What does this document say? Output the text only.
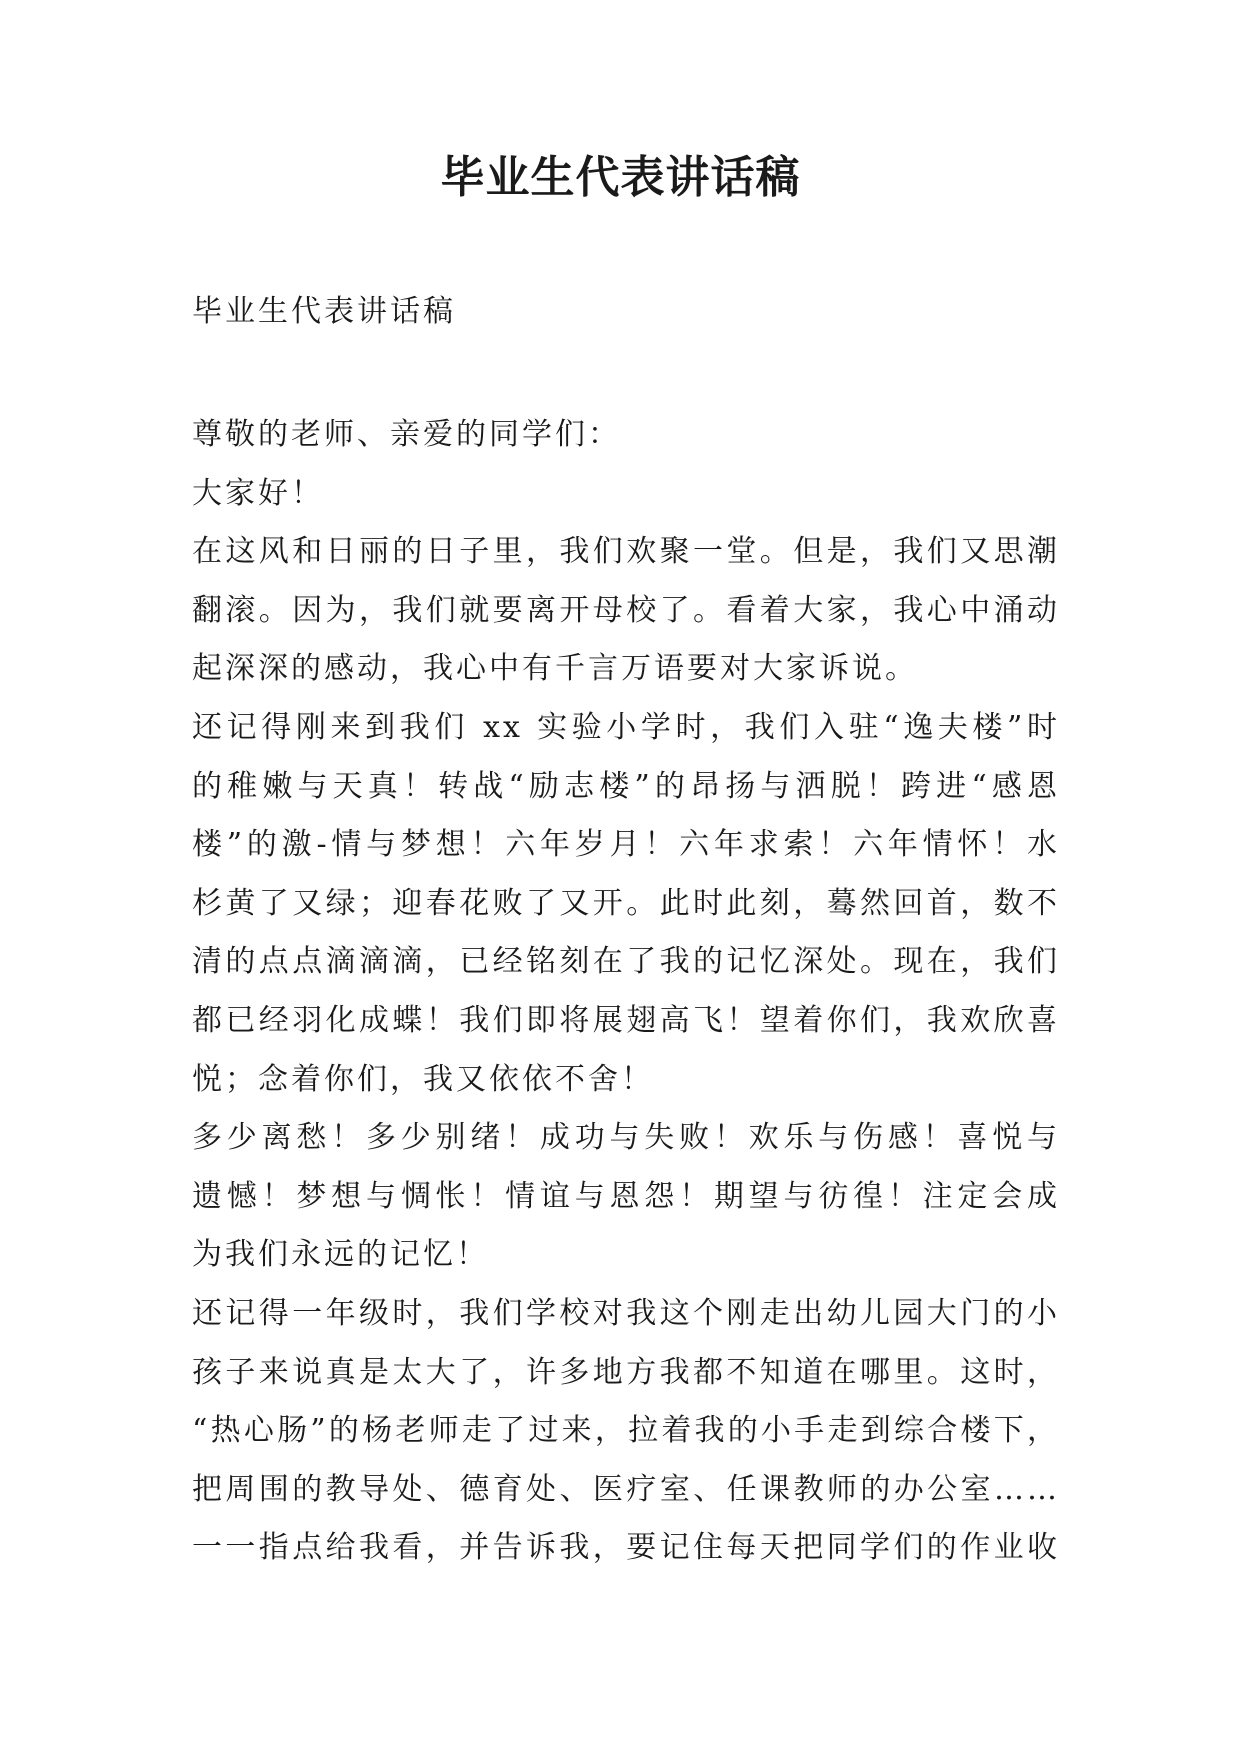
毕业生代表讲话稿

毕业生代表讲话稿

尊敬的老师、亲爱的同学们：
大家好！
在这风和日丽的日子里，我们欢聚一堂。但是，我们又思潮
翻滚。因为，我们就要离开母校了。看着大家，我心中涌动
起深深的感动，我心中有千言万语要对大家诉说。
还记得刚来到我们 xx 实验小学时，我们入驻“逸夫楼”时
的稚嫩与天真！转战“励志楼”的昂扬与洒脱！跨进“感恩
楼”的激-情与梦想！六年岁月！六年求索！六年情怀！水
杉黄了又绿；迎春花败了又开。此时此刻，蓦然回首，数不
清的点点滴滴滴，已经铭刻在了我的记忆深处。现在，我们
都已经羽化成蝶！我们即将展翅高飞！望着你们，我欢欣喜
悦；念着你们，我又依依不舍！
多少离愁！多少别绪！成功与失败！欢乐与伤感！喜悦与
遗憾！梦想与惆怅！情谊与恩怨！期望与彷徨！注定会成
为我们永远的记忆！
还记得一年级时，我们学校对我这个刚走出幼儿园大门的小
孩子来说真是太大了，许多地方我都不知道在哪里。这时，
“热心肠”的杨老师走了过来，拉着我的小手走到综合楼下，
把周围的教导处、德育处、医疗室、任课教师的办公室……
一一指点给我看，并告诉我，要记住每天把同学们的作业收
